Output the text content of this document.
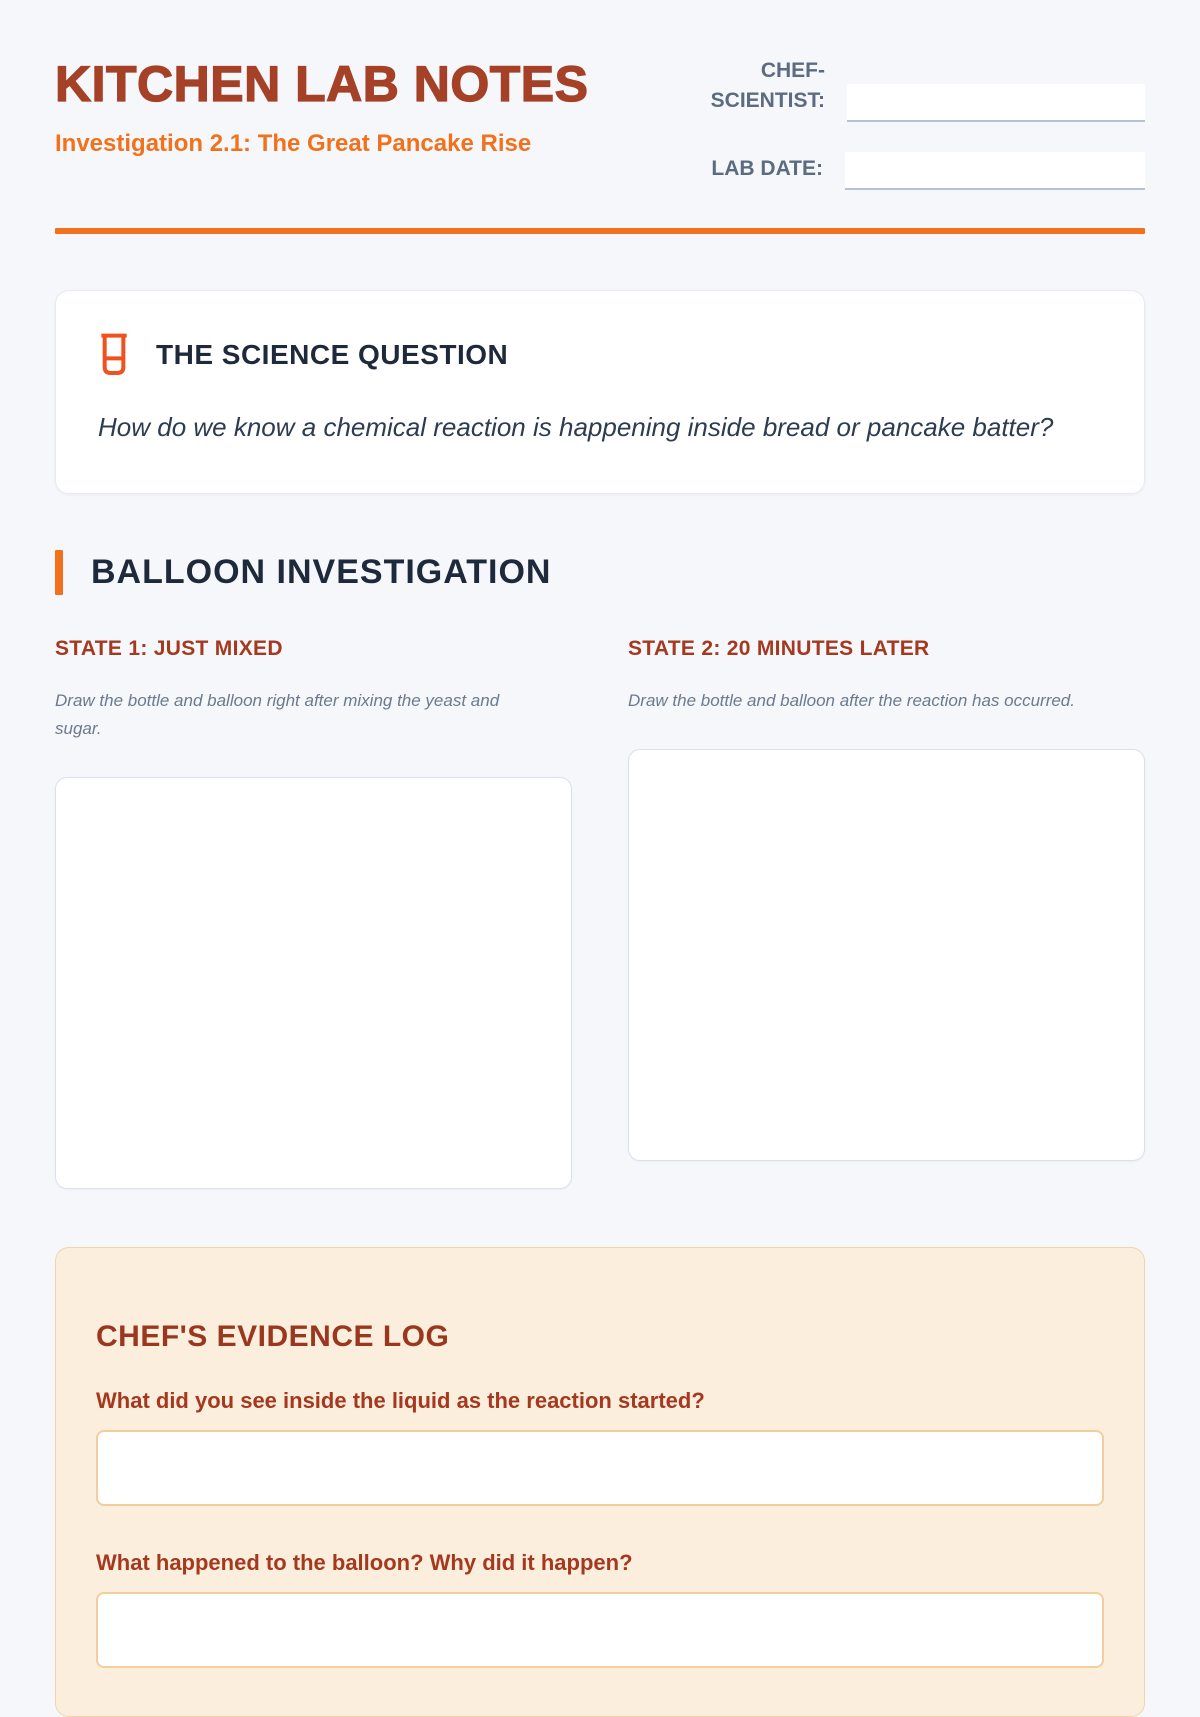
KITCHEN LAB NOTES
Investigation 2.1: The Great Pancake Rise
CHEF-SCIENTIST:
LAB DATE:
THE SCIENCE QUESTION

How do we know a chemical reaction is happening inside bread or pancake batter?

BALLOON INVESTIGATION
STATE 1: JUST MIXED

Draw the bottle and balloon right after mixing the yeast and sugar.

STATE 2: 20 MINUTES LATER

Draw the bottle and balloon after the reaction has occurred.

CHEF'S EVIDENCE LOG

What did you see inside the liquid as the reaction started?

What happened to the balloon? Why did it happen?
